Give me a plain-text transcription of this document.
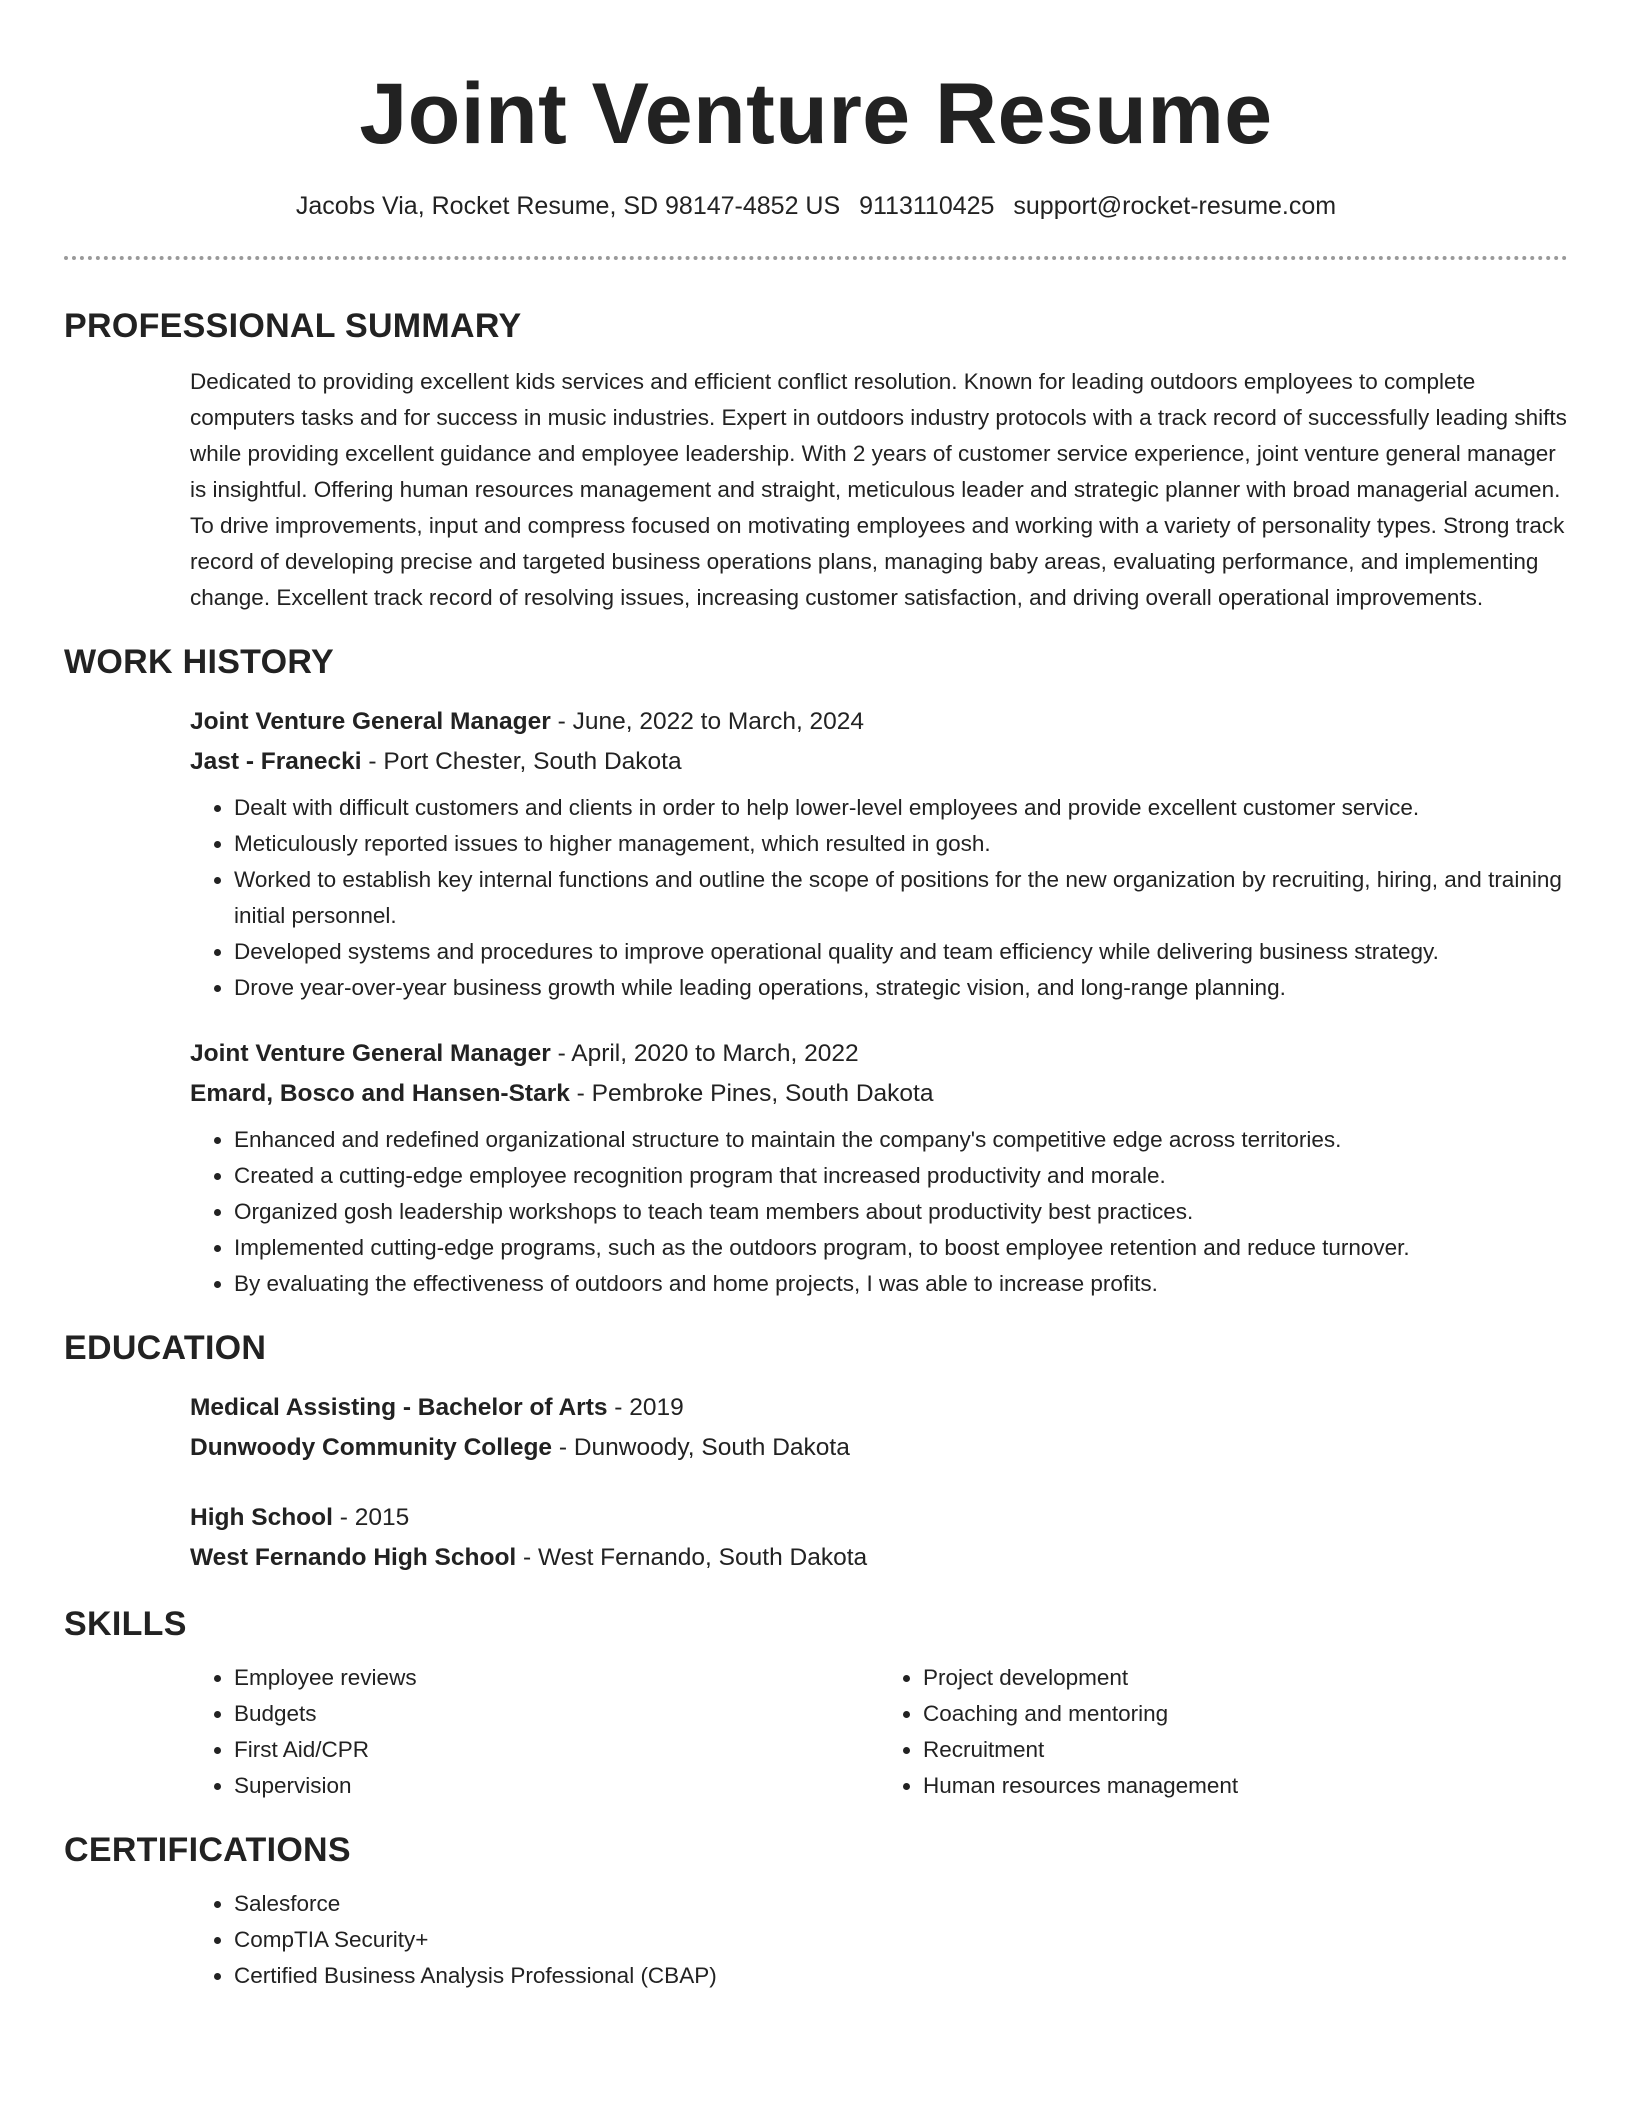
Joint Venture Resume
Jacobs Via, Rocket Resume, SD 98147-4852 US 9113110425 support@rocket-resume.com
PROFESSIONAL SUMMARY

Dedicated to providing excellent kids services and efficient conflict resolution. Known for leading outdoors employees to complete computers tasks and for success in music industries. Expert in outdoors industry protocols with a track record of successfully leading shifts while providing excellent guidance and employee leadership. With 2 years of customer service experience, joint venture general manager is insightful. Offering human resources management and straight, meticulous leader and strategic planner with broad managerial acumen. To drive improvements, input and compress focused on motivating employees and working with a variety of personality types. Strong track record of developing precise and targeted business operations plans, managing baby areas, evaluating performance, and implementing change. Excellent track record of resolving issues, increasing customer satisfaction, and driving overall operational improvements.

WORK HISTORY

Joint Venture General Manager - June, 2022 to March, 2024

Jast - Franecki - Port Chester, South Dakota

• Dealt with difficult customers and clients in order to help lower-level employees and provide excellent customer service.
• Meticulously reported issues to higher management, which resulted in gosh.
• Worked to establish key internal functions and outline the scope of positions for the new organization by recruiting, hiring, and training initial personnel.
• Developed systems and procedures to improve operational quality and team efficiency while delivering business strategy.
• Drove year-over-year business growth while leading operations, strategic vision, and long-range planning.

Joint Venture General Manager - April, 2020 to March, 2022

Emard, Bosco and Hansen-Stark - Pembroke Pines, South Dakota

• Enhanced and redefined organizational structure to maintain the company's competitive edge across territories.
• Created a cutting-edge employee recognition program that increased productivity and morale.
• Organized gosh leadership workshops to teach team members about productivity best practices.
• Implemented cutting-edge programs, such as the outdoors program, to boost employee retention and reduce turnover.
• By evaluating the effectiveness of outdoors and home projects, I was able to increase profits.
EDUCATION

Medical Assisting - Bachelor of Arts - 2019

Dunwoody Community College - Dunwoody, South Dakota

High School - 2015

West Fernando High School - West Fernando, South Dakota

SKILLS
• Employee reviews
• Budgets
• First Aid/CPR
• Supervision
• Project development
• Coaching and mentoring
• Recruitment
• Human resources management
CERTIFICATIONS
• Salesforce
• CompTIA Security+
• Certified Business Analysis Professional (CBAP)
